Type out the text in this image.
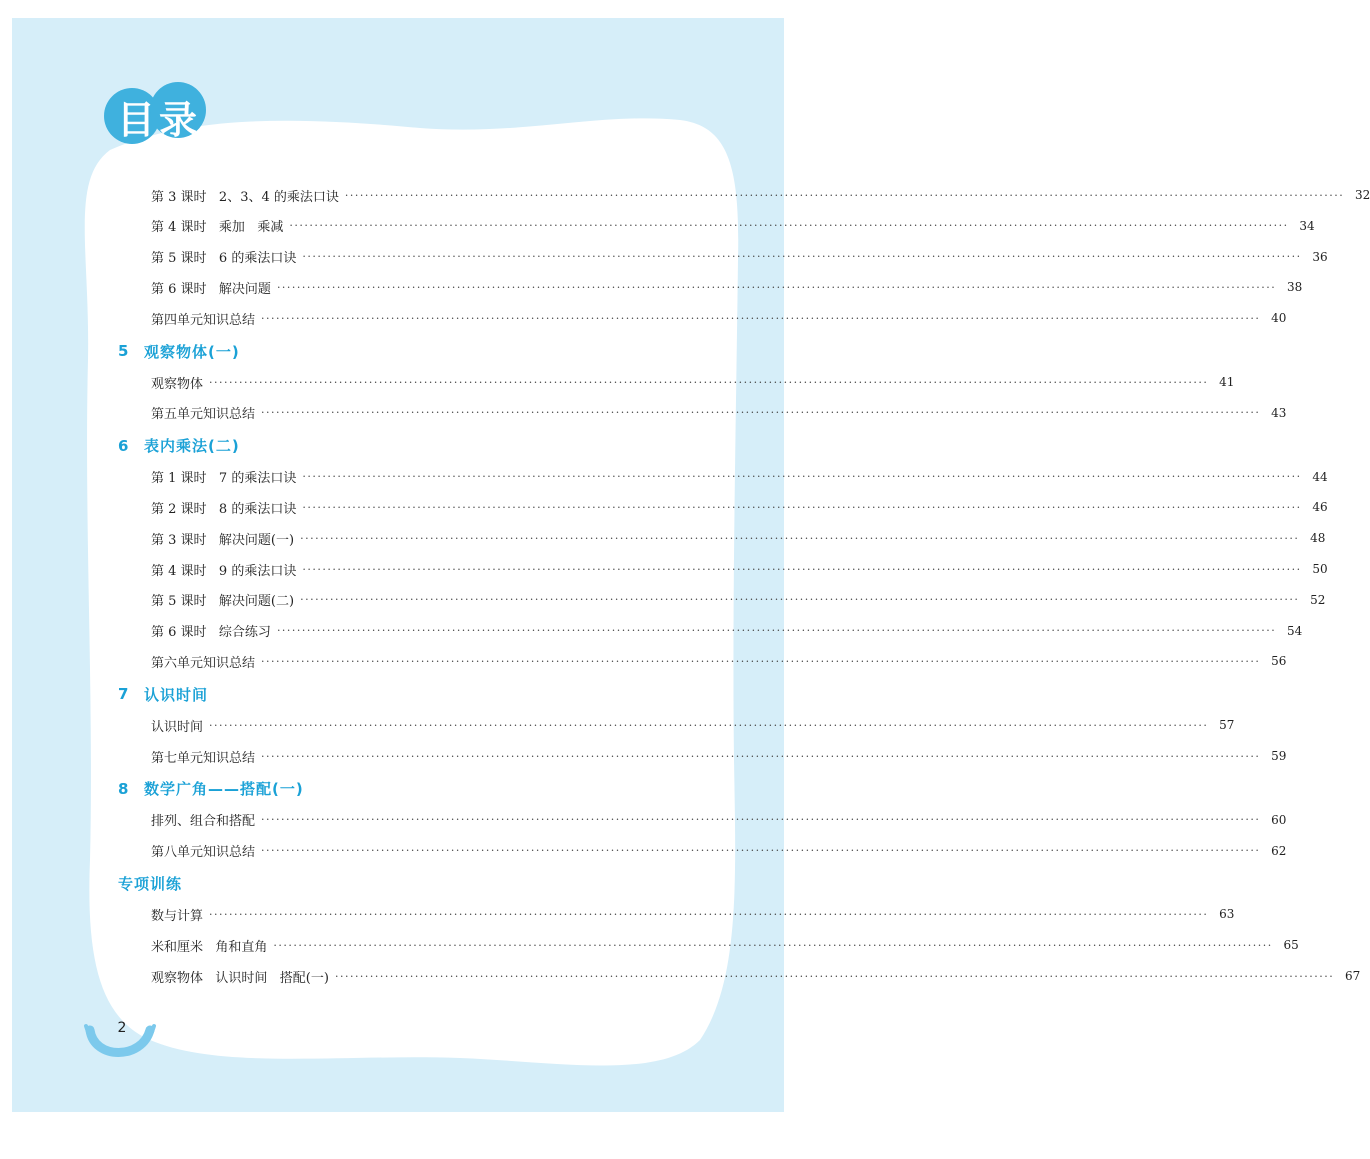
目录
第 3 课时   2、3、4 的乘法口诀 ········································································································································································································ 32
第 4 课时   乘加   乘减 ········································································································································································································ 34
第 5 课时   6 的乘法口诀 ········································································································································································································ 36
第 6 课时   解决问题 ········································································································································································································ 38
第四单元知识总结 ········································································································································································································ 40
5	观察物体(一)
观察物体 ········································································································································································································ 41
第五单元知识总结 ········································································································································································································ 43
6	表内乘法(二)
第 1 课时   7 的乘法口诀 ········································································································································································································ 44
第 2 课时   8 的乘法口诀 ········································································································································································································ 46
第 3 课时   解决问题(一) ········································································································································································································ 48
第 4 课时   9 的乘法口诀 ········································································································································································································ 50
第 5 课时   解决问题(二) ········································································································································································································ 52
第 6 课时   综合练习 ········································································································································································································ 54
第六单元知识总结 ········································································································································································································ 56
7	认识时间
认识时间 ········································································································································································································ 57
第七单元知识总结 ········································································································································································································ 59
8	数学广角——搭配(一)
排列、组合和搭配 ········································································································································································································ 60
第八单元知识总结 ········································································································································································································ 62
专项训练
数与计算 ········································································································································································································ 63
米和厘米   角和直角 ········································································································································································································ 65
观察物体   认识时间   搭配(一) ········································································································································································································ 67
2
